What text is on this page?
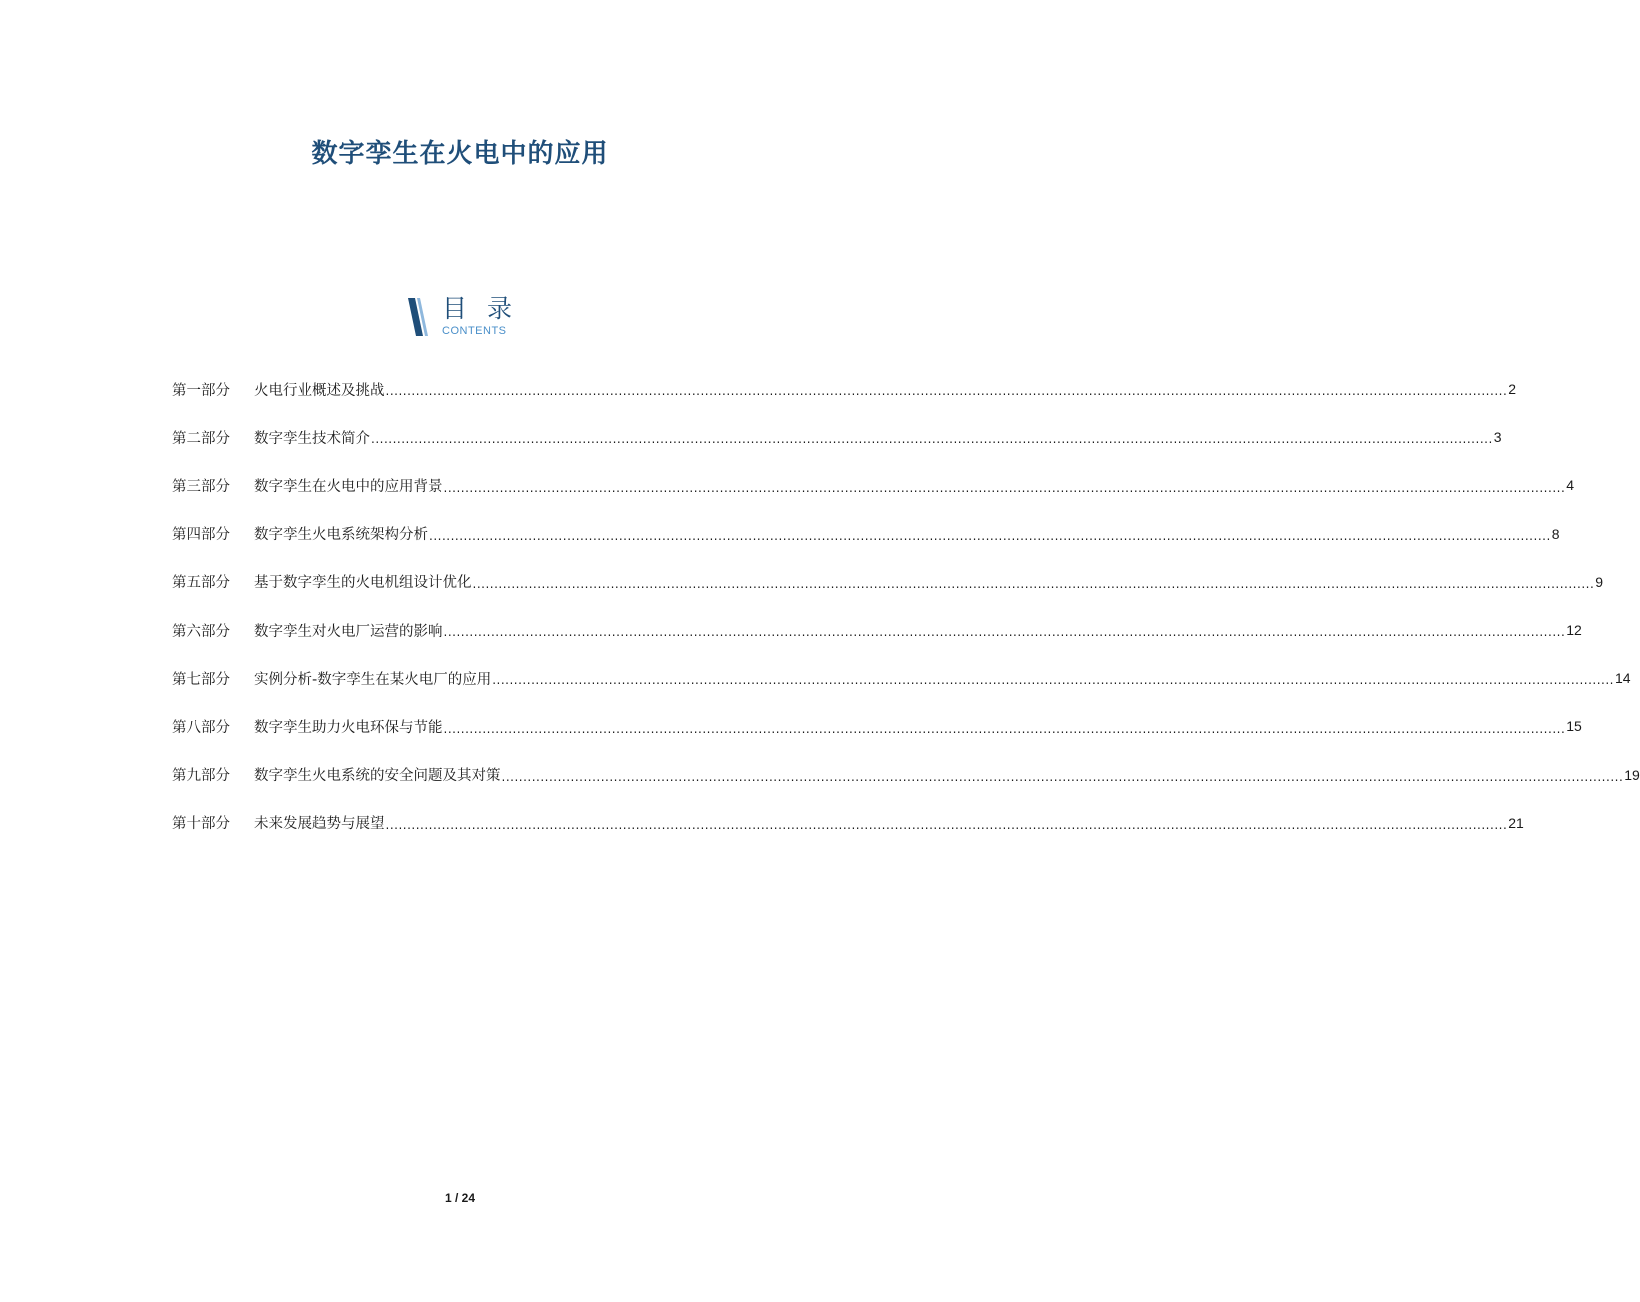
数字孪生在火电中的应用
目 录
CONTENTS
第一部分	火电行业概述及挑战 .................................................................................................................................................................................................................................................................... 2
第二部分	数字孪生技术简介 .................................................................................................................................................................................................................................................................... 3
第三部分	数字孪生在火电中的应用背景 .................................................................................................................................................................................................................................................................... 4
第四部分	数字孪生火电系统架构分析 .................................................................................................................................................................................................................................................................... 8
第五部分	基于数字孪生的火电机组设计优化 .................................................................................................................................................................................................................................................................... 9
第六部分	数字孪生对火电厂运营的影响 .................................................................................................................................................................................................................................................................... 12
第七部分	实例分析-数字孪生在某火电厂的应用 .................................................................................................................................................................................................................................................................... 14
第八部分	数字孪生助力火电环保与节能 .................................................................................................................................................................................................................................................................... 15
第九部分	数字孪生火电系统的安全问题及其对策 .................................................................................................................................................................................................................................................................... 19
第十部分	未来发展趋势与展望 .................................................................................................................................................................................................................................................................... 21
1 / 24
